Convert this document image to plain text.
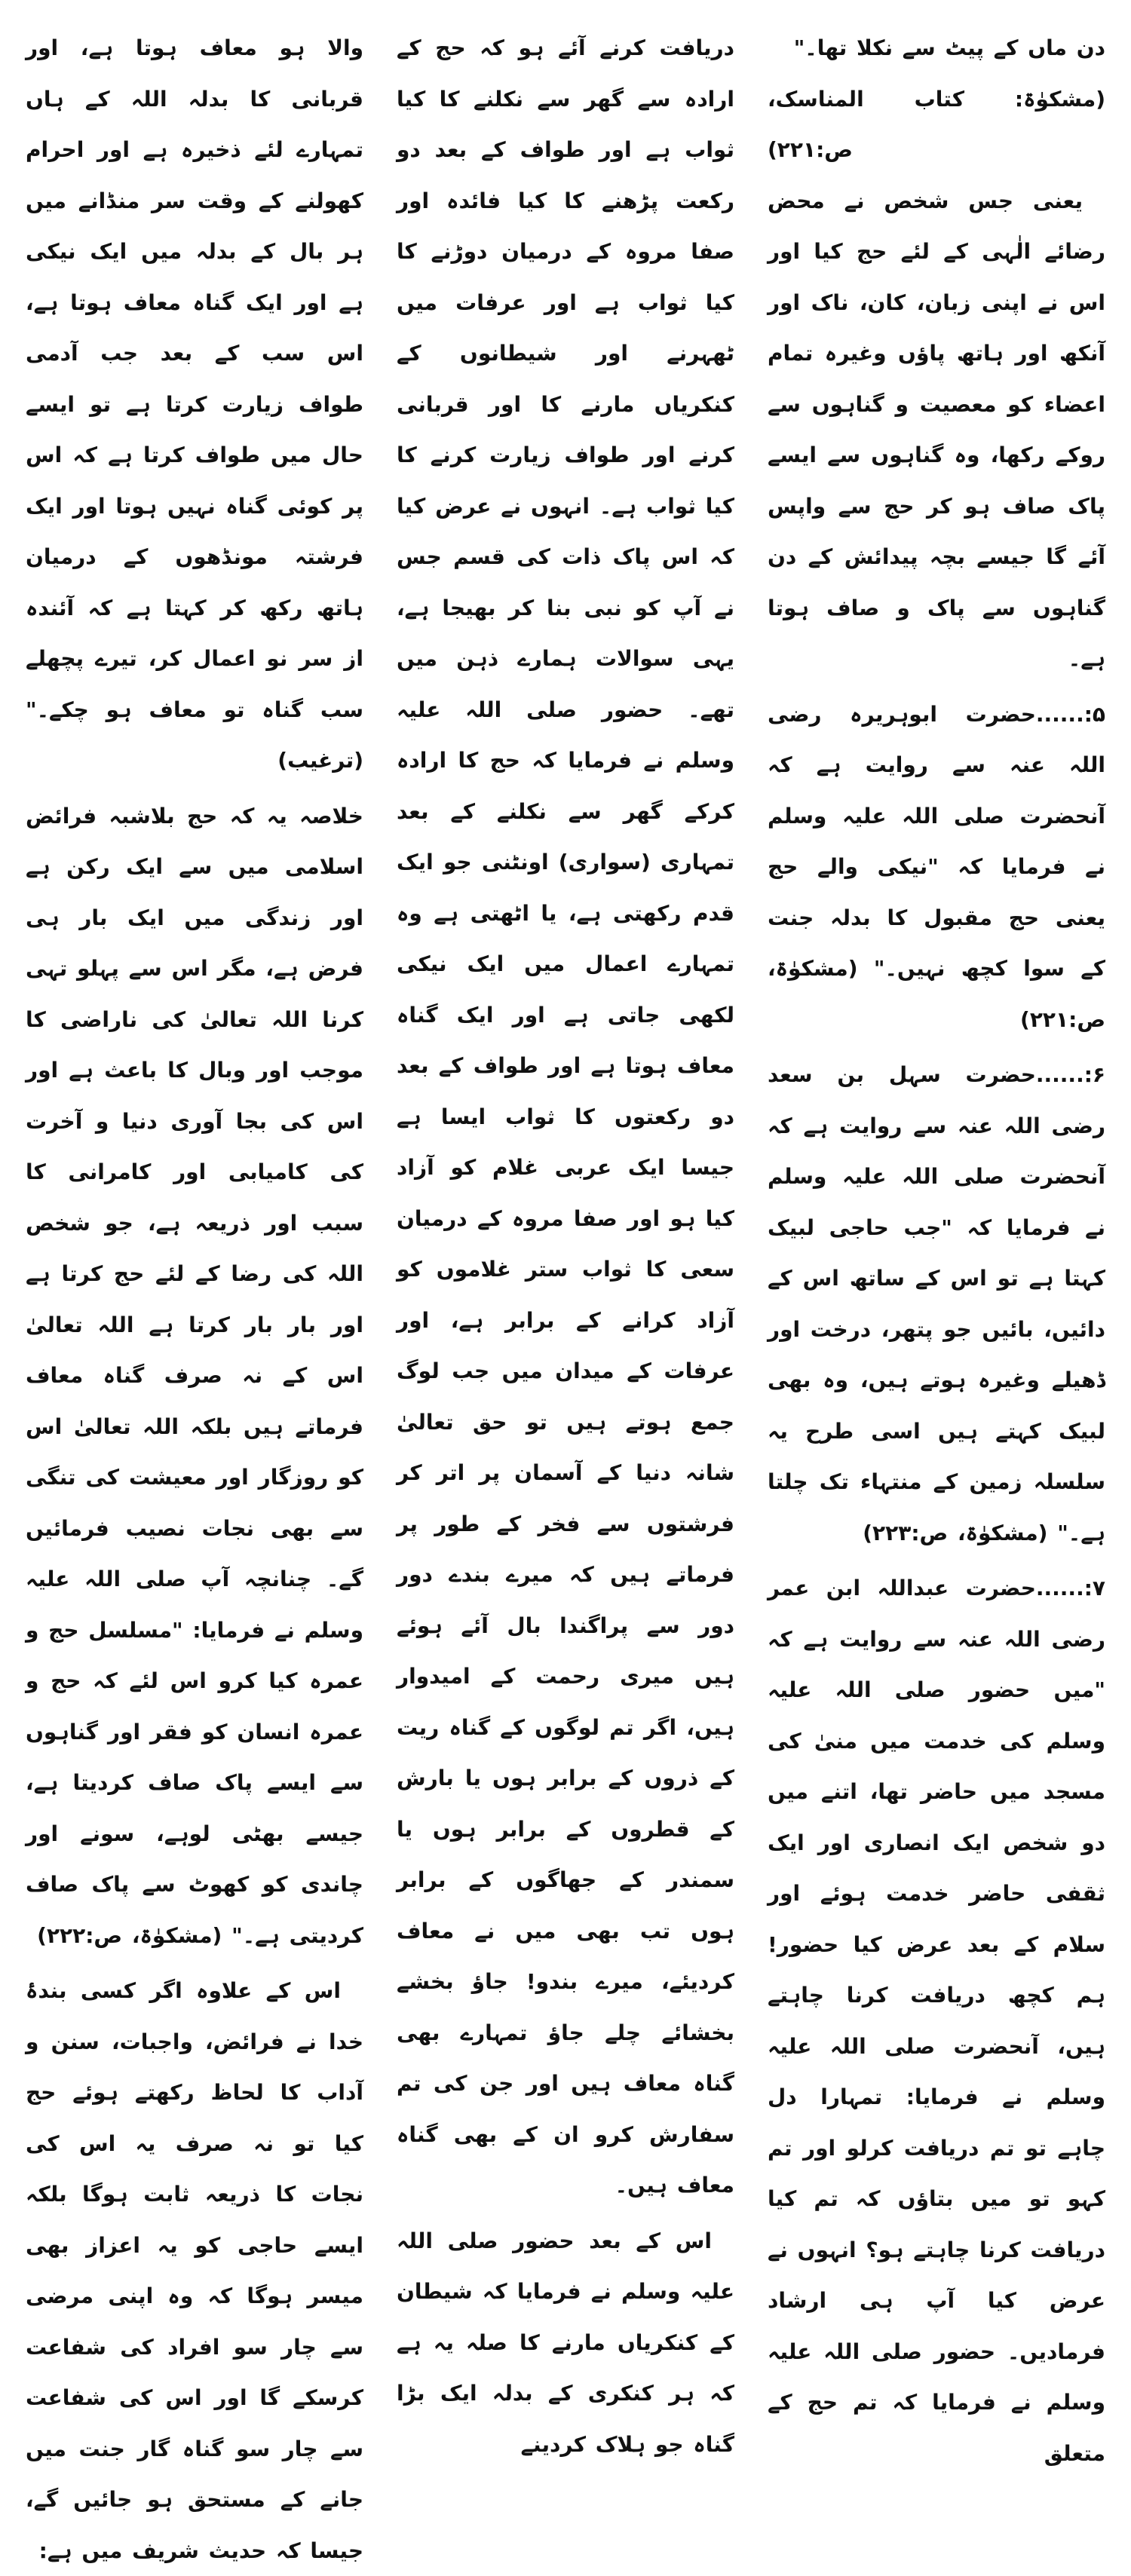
دن ماں کے پیٹ سے نکلا تھا۔"

(مشکوٰۃ: کتاب المناسک، ص:۲۲۱)

یعنی جس شخص نے محض رضائے الٰہی کے لئے حج کیا اور اس نے اپنی زبان، کان، ناک اور آنکھ اور ہاتھ پاؤں وغیرہ تمام اعضاء کو معصیت و گناہوں سے روکے رکھا، وہ گناہوں سے ایسے پاک صاف ہو کر حج سے واپس آئے گا جیسے بچہ پیدائش کے دن گناہوں سے پاک و صاف ہوتا ہے۔

۵:......حضرت ابوہریرہ رضی اللہ عنہ سے روایت ہے کہ آنحضرت صلی اللہ علیہ وسلم نے فرمایا کہ "نیکی والے حج یعنی حج مقبول کا بدلہ جنت کے سوا کچھ نہیں۔" (مشکوٰۃ، ص:۲۲۱)

۶:......حضرت سہل بن سعد رضی اللہ عنہ سے روایت ہے کہ آنحضرت صلی اللہ علیہ وسلم نے فرمایا کہ "جب حاجی لبیک کہتا ہے تو اس کے ساتھ اس کے دائیں، بائیں جو پتھر، درخت اور ڈھیلے وغیرہ ہوتے ہیں، وہ بھی لبیک کہتے ہیں اسی طرح یہ سلسلہ زمین کے منتہاء تک چلتا ہے۔" (مشکوٰۃ، ص:۲۲۳)

۷:......حضرت عبداللہ ابن عمر رضی اللہ عنہ سے روایت ہے کہ "میں حضور صلی اللہ علیہ وسلم کی خدمت میں منیٰ کی مسجد میں حاضر تھا، اتنے میں دو شخص ایک انصاری اور ایک ثقفی حاضر خدمت ہوئے اور سلام کے بعد عرض کیا حضور! ہم کچھ دریافت کرنا چاہتے ہیں، آنحضرت صلی اللہ علیہ وسلم نے فرمایا: تمہارا دل چاہے تو تم دریافت کرلو اور تم کہو تو میں بتاؤں کہ تم کیا دریافت کرنا چاہتے ہو؟ انہوں نے عرض کیا آپ ہی ارشاد فرمادیں۔ حضور صلی اللہ علیہ وسلم نے فرمایا کہ تم حج کے متعلق

دریافت کرنے آئے ہو کہ حج کے ارادہ سے گھر سے نکلنے کا کیا ثواب ہے اور طواف کے بعد دو رکعت پڑھنے کا کیا فائدہ اور صفا مروہ کے درمیان دوڑنے کا کیا ثواب ہے اور عرفات میں ٹھہرنے اور شیطانوں کے کنکریاں مارنے کا اور قربانی کرنے اور طواف زیارت کرنے کا کیا ثواب ہے۔ انہوں نے عرض کیا کہ اس پاک ذات کی قسم جس نے آپ کو نبی بنا کر بھیجا ہے، یہی سوالات ہمارے ذہن میں تھے۔ حضور صلی اللہ علیہ وسلم نے فرمایا کہ حج کا ارادہ کرکے گھر سے نکلنے کے بعد تمہاری (سواری) اونٹنی جو ایک قدم رکھتی ہے، یا اٹھتی ہے وہ تمہارے اعمال میں ایک نیکی لکھی جاتی ہے اور ایک گناہ معاف ہوتا ہے اور طواف کے بعد دو رکعتوں کا ثواب ایسا ہے جیسا ایک عربی غلام کو آزاد کیا ہو اور صفا مروہ کے درمیان سعی کا ثواب ستر غلاموں کو آزاد کرانے کے برابر ہے، اور عرفات کے میدان میں جب لوگ جمع ہوتے ہیں تو حق تعالیٰ شانہ دنیا کے آسمان پر اتر کر فرشتوں سے فخر کے طور پر فرماتے ہیں کہ میرے بندے دور دور سے پراگندا بال آئے ہوئے ہیں میری رحمت کے امیدوار ہیں، اگر تم لوگوں کے گناہ ریت کے ذروں کے برابر ہوں یا بارش کے قطروں کے برابر ہوں یا سمندر کے جھاگوں کے برابر ہوں تب بھی میں نے معاف کردیئے، میرے بندو! جاؤ بخشے بخشائے چلے جاؤ تمہارے بھی گناہ معاف ہیں اور جن کی تم سفارش کرو ان کے بھی گناہ معاف ہیں۔

اس کے بعد حضور صلی اللہ علیہ وسلم نے فرمایا کہ شیطان کے کنکریاں مارنے کا صلہ یہ ہے کہ ہر کنکری کے بدلہ ایک بڑا گناہ جو ہلاک کردینے

والا ہو معاف ہوتا ہے، اور قربانی کا بدلہ اللہ کے ہاں تمہارے لئے ذخیرہ ہے اور احرام کھولنے کے وقت سر منڈانے میں ہر بال کے بدلہ میں ایک نیکی ہے اور ایک گناہ معاف ہوتا ہے، اس سب کے بعد جب آدمی طواف زیارت کرتا ہے تو ایسے حال میں طواف کرتا ہے کہ اس پر کوئی گناہ نہیں ہوتا اور ایک فرشتہ مونڈھوں کے درمیان ہاتھ رکھ کر کہتا ہے کہ آئندہ از سر نو اعمال کر، تیرے پچھلے سب گناہ تو معاف ہو چکے۔" (ترغیب)

خلاصہ یہ کہ حج بلاشبہ فرائض اسلامی میں سے ایک رکن ہے اور زندگی میں ایک بار ہی فرض ہے، مگر اس سے پہلو تہی کرنا اللہ تعالیٰ کی ناراضی کا موجب اور وبال کا باعث ہے اور اس کی بجا آوری دنیا و آخرت کی کامیابی اور کامرانی کا سبب اور ذریعہ ہے، جو شخص اللہ کی رضا کے لئے حج کرتا ہے اور بار بار کرتا ہے اللہ تعالیٰ اس کے نہ صرف گناہ معاف فرماتے ہیں بلکہ اللہ تعالیٰ اس کو روزگار اور معیشت کی تنگی سے بھی نجات نصیب فرمائیں گے۔ چنانچہ آپ صلی اللہ علیہ وسلم نے فرمایا: "مسلسل حج و عمرہ کیا کرو اس لئے کہ حج و عمرہ انسان کو فقر اور گناہوں سے ایسے پاک صاف کردیتا ہے، جیسے بھٹی لوہے، سونے اور چاندی کو کھوٹ سے پاک صاف کردیتی ہے۔" (مشکوٰۃ، ص:۲۲۲)

اس کے علاوہ اگر کسی بندۂ خدا نے فرائض، واجبات، سنن و آداب کا لحاظ رکھتے ہوئے حج کیا تو نہ صرف یہ اس کی نجات کا ذریعہ ثابت ہوگا بلکہ ایسے حاجی کو یہ اعزاز بھی میسر ہوگا کہ وہ اپنی مرضی سے چار سو افراد کی شفاعت کرسکے گا اور اس کی شفاعت سے چار سو گناہ گار جنت میں جانے کے مستحق ہو جائیں گے، جیسا کہ حدیث شریف میں ہے:
